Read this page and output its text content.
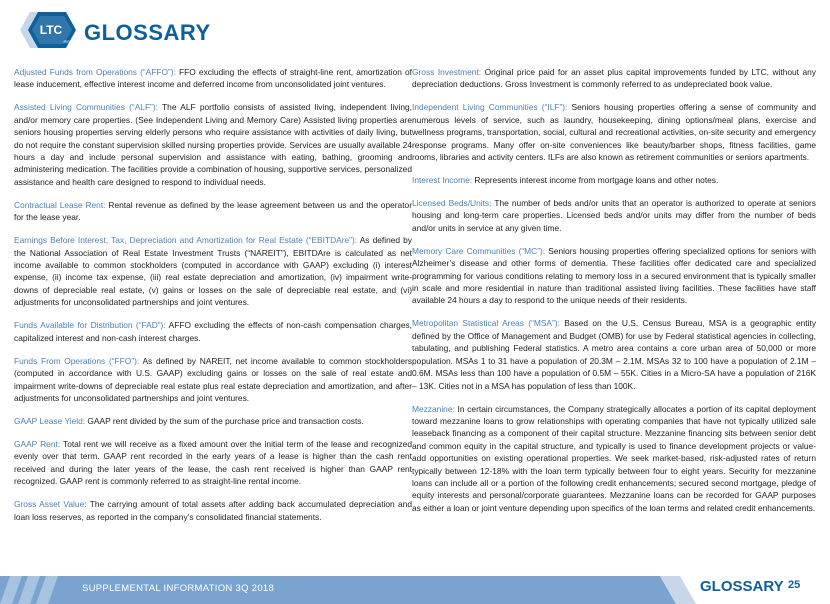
LTC
REIT GLOSSARY

Adjusted Funds from Operations (“AFFO”): FFO excluding the effects of straight-line rent, amortization of lease inducement, effective interest income and deferred income from unconsolidated joint ventures.

Assisted Living Communities (“ALF”): The ALF portfolio consists of assisted living, independent living, and/or memory care properties. (See Independent Living and Memory Care) Assisted living properties are seniors housing properties serving elderly persons who require assistance with activities of daily living, but do not require the constant supervision skilled nursing properties provide. Services are usually available 24 hours a day and include personal supervision and assistance with eating, bathing, grooming and administering medication. The facilities provide a combination of housing, supportive services, personalized assistance and health care designed to respond to individual needs.

Contractual Lease Rent: Rental revenue as defined by the lease agreement between us and the operator for the lease year.

Earnings Before Interest, Tax, Depreciation and Amortization for Real Estate (“EBITDAre”): As defined by the National Association of Real Estate Investment Trusts (“NAREIT”), EBITDAre is calculated as net income available to common stockholders (computed in accordance with GAAP) excluding (i) interest expense, (ii) income tax expense, (iii) real estate depreciation and amortization, (iv) impairment write-downs of depreciable real estate, (v) gains or losses on the sale of depreciable real estate, and (vi) adjustments for unconsolidated partnerships and joint ventures.

Funds Available for Distribution (“FAD”): AFFO excluding the effects of non-cash compensation charges, capitalized interest and non-cash interest charges.

Funds From Operations (“FFO”): As defined by NAREIT, net income available to common stockholders (computed in accordance with U.S. GAAP) excluding gains or losses on the sale of real estate and impairment write-downs of depreciable real estate plus real estate depreciation and amortization, and after adjustments for unconsolidated partnerships and joint ventures.

GAAP Lease Yield: GAAP rent divided by the sum of the purchase price and transaction costs.

GAAP Rent: Total rent we will receive as a fixed amount over the initial term of the lease and recognized evenly over that term. GAAP rent recorded in the early years of a lease is higher than the cash rent received and during the later years of the lease, the cash rent received is higher than GAAP rent recognized. GAAP rent is commonly referred to as straight-line rental income.

Gross Asset Value: The carrying amount of total assets after adding back accumulated depreciation and loan loss reserves, as reported in the company’s consolidated financial statements.

Gross Investment: Original price paid for an asset plus capital improvements funded by LTC, without any depreciation deductions. Gross Investment is commonly referred to as undepreciated book value.

Independent Living Communities (“ILF”): Seniors housing properties offering a sense of community and numerous levels of service, such as laundry, housekeeping, dining options/meal plans, exercise and wellness programs, transportation, social, cultural and recreational activities, on-site security and emergency response programs. Many offer on-site conveniences like beauty/barber shops, fitness facilities, game rooms, libraries and activity centers. ILFs are also known as retirement communities or seniors apartments.

Interest Income: Represents interest income from mortgage loans and other notes.

Licensed Beds/Units: The number of beds and/or units that an operator is authorized to operate at seniors housing and long-term care properties. Licensed beds and/or units may differ from the number of beds and/or units in service at any given time.

Memory Care Communities (“MC”): Seniors housing properties offering specialized options for seniors with Alzheimer’s disease and other forms of dementia. These facilities offer dedicated care and specialized programming for various conditions relating to memory loss in a secured environment that is typically smaller in scale and more residential in nature than traditional assisted living facilities. These facilities have staff available 24 hours a day to respond to the unique needs of their residents.

Metropolitan Statistical Areas (“MSA”): Based on the U.S. Census Bureau, MSA is a geographic entity defined by the Office of Management and Budget (OMB) for use by Federal statistical agencies in collecting, tabulating, and publishing Federal statistics. A metro area contains a core urban area of 50,000 or more population. MSAs 1 to 31 have a population of 20.3M – 2.1M. MSAs 32 to 100 have a population of 2.1M – 0.6M. MSAs less than 100 have a population of 0.5M – 55K. Cities in a Micro-SA have a population of 216K – 13K. Cities not in a MSA has population of less than 100K.

Mezzanine: In certain circumstances, the Company strategically allocates a portion of its capital deployment toward mezzanine loans to grow relationships with operating companies that have not typically utilized sale leaseback financing as a component of their capital structure. Mezzanine financing sits between senior debt and common equity in the capital structure, and typically is used to finance development projects or value-add opportunities on existing operational properties. We seek market-based, risk-adjusted rates of return typically between 12-18% with the loan term typically between four to eight years. Security for mezzanine loans can include all or a portion of the following credit enhancements; secured second mortgage, pledge of equity interests and personal/corporate guarantees. Mezzanine loans can be recorded for GAAP purposes as either a loan or joint venture depending upon specifics of the loan terms and related credit enhancements.

SUPPLEMENTAL INFORMATION 3Q 2018	GLOSSARY 25
